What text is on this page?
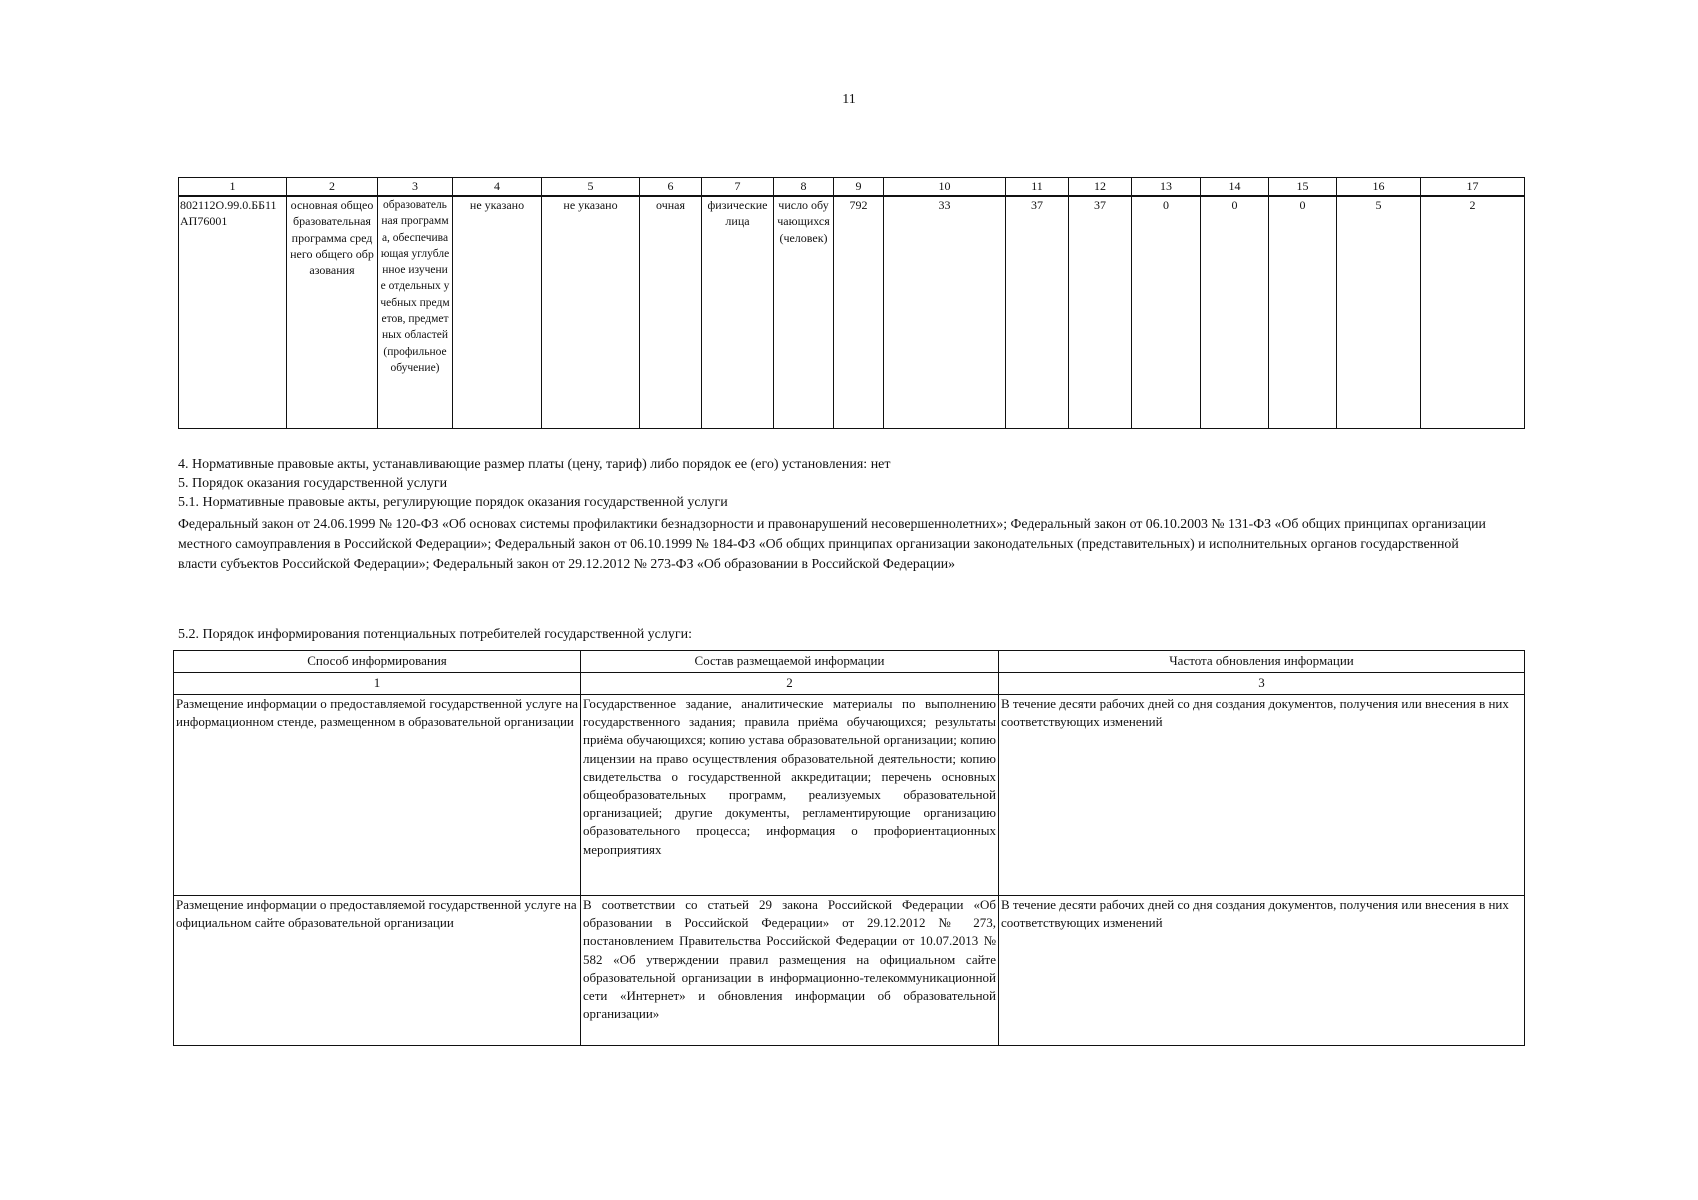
11
1	2	3	4	5	6	7	8	9	10	11	12	13	14	15	16	17
802112О.99.0.ББ11АП76001	основная общеобразовательная программа среднего общего образования	образовательная программа, обеспечивающая углубленное изучение отдельных учебных предметов, предметных областей (профильное обучение)	не указано	не указано	очная	физические лица	число обучающихся (человек)	792	33	37	37	0	0	0	5	2
4. Нормативные правовые акты, устанавливающие размер платы (цену, тариф) либо порядок ее (его) установления: нет
5. Порядок оказания государственной услуги
5.1. Нормативные правовые акты, регулирующие порядок оказания государственной услуги
Федеральный закон от 24.06.1999 № 120-ФЗ «Об основах системы профилактики безнадзорности и правонарушений несовершеннолетних»; Федеральный закон от 06.10.2003 № 131-ФЗ «Об общих принципах организации местного самоуправления в Российской Федерации»; Федеральный закон от 06.10.1999 № 184-ФЗ «Об общих принципах организации законодательных (представительных) и исполнительных органов государственной власти субъектов Российской Федерации»; Федеральный закон от 29.12.2012 № 273-ФЗ «Об образовании в Российской Федерации»
5.2. Порядок информирования потенциальных потребителей государственной услуги:
Способ информирования	Состав размещаемой информации	Частота обновления информации
1	2	3
Размещение информации о предоставляемой государственной услуге на информационном стенде, размещенном в образовательной организации	Государственное задание, аналитические материалы по выполнению государственного задания; правила приёма обучающихся; результаты приёма обучающихся; копию устава образовательной организации; копию лицензии на право осуществления образовательной деятельности; копию свидетельства о государственной аккредитации; перечень основных общеобразовательных программ, реализуемых образовательной организацией; другие документы, регламентирующие организацию образовательного процесса; информация о профориентационных мероприятиях	В течение десяти рабочих дней со дня создания документов, получения или внесения в них соответствующих изменений
Размещение информации о предоставляемой государственной услуге на официальном сайте образовательной организации	В соответствии со статьей 29 закона Российской Федерации «Об образовании в Российской Федерации» от 29.12.2012 № 273, постановлением Правительства Российской Федерации от 10.07.2013 № 582 «Об утверждении правил размещения на официальном сайте образовательной организации в информационно-телекоммуникационной сети «Интернет» и обновления информации об образовательной организации»	В течение десяти рабочих дней со дня создания документов, получения или внесения в них соответствующих изменений
